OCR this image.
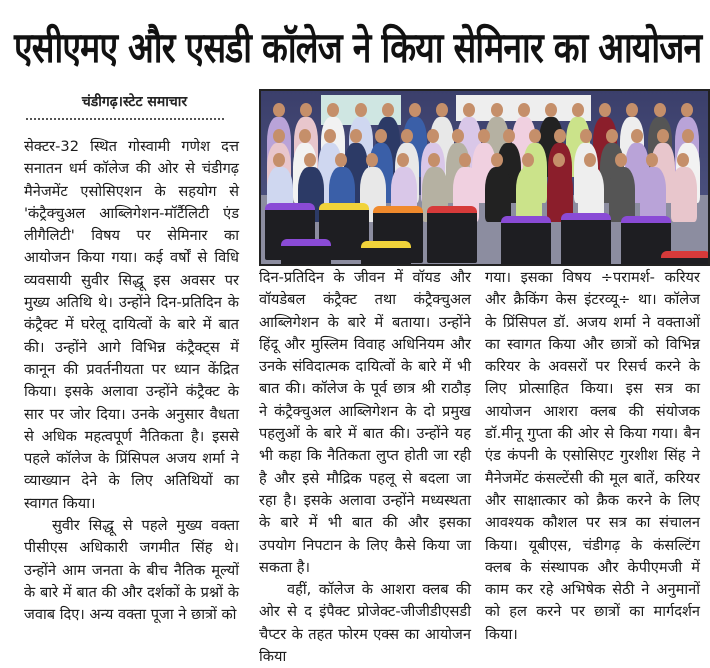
एसीएमए और एसडी कॉलेज ने किया सेमिनार का आयोजन
चंडीगढ़।स्टेट समाचार

सेक्टर-32 स्थित गोस्वामी गणेश दत्त सनातन धर्म कॉलेज की ओर से चंडीगढ़ मैनेजमेंट एसोसिएशन के सहयोग से 'कंट्रैक्चुअल आब्लिगेशन-मॉर्टैलिटी एंड लीगैलिटी' विषय पर सेमिनार का आयोजन किया गया। कई वर्षों से विधि व्यवसायी सुवीर सिद्धू इस अवसर पर मुख्य अतिथि थे। उन्होंने दिन-प्रतिदिन के कंट्रैक्ट में घरेलू दायित्वों के बारे में बात की। उन्होंने आगे विभिन्न कंट्रैक्ट्स में कानून की प्रवर्तनीयता पर ध्यान केंद्रित किया। इसके अलावा उन्होंने कंट्रैक्ट के सार पर जोर दिया। उनके अनुसार वैधता से अधिक महत्वपूर्ण नैतिकता है। इससे पहले कॉलेज के प्रिंसिपल अजय शर्मा ने व्याख्यान देने के लिए अतिथियों का स्वागत किया।

सुवीर सिद्धू से पहले मुख्य वक्ता पीसीएस अधिकारी जगमीत सिंह थे। उन्होंने आम जनता के बीच नैतिक मूल्यों के बारे में बात की और दर्शकों के प्रश्नों के जवाब दिए। अन्य वक्ता पूजा ने छात्रों को

दिन-प्रतिदिन के जीवन में वॉयड और वॉयडेबल कंट्रैक्ट तथा कंट्रैक्चुअल आब्लिगेशन के बारे में बताया। उन्होंने हिंदू और मुस्लिम विवाह अधिनियम और उनके संविदात्मक दायित्वों के बारे में भी बात की। कॉलेज के पूर्व छात्र श्री राठौड़ ने कंट्रैक्चुअल आब्लिगेशन के दो प्रमुख पहलुओं के बारे में बात की। उन्होंने यह भी कहा कि नैतिकता लुप्त होती जा रही है और इसे मौद्रिक पहलू से बदला जा रहा है। इसके अलावा उन्होंने मध्यस्थता के बारे में भी बात की और इसका उपयोग निपटान के लिए कैसे किया जा सकता है।

वहीं, कॉलेज के आशरा क्लब की ओर से द इंपैक्ट प्रोजेक्ट-जीजीडीएसडी चैप्टर के तहत फोरम एक्स का आयोजन किया

गया। इसका विषय ÷परामर्श- करियर और क्रैकिंग केस इंटरव्यू÷ था। कॉलेज के प्रिंसिपल डॉ. अजय शर्मा ने वक्ताओं का स्वागत किया और छात्रों को विभिन्न करियर के अवसरों पर रिसर्च करने के लिए प्रोत्साहित किया। इस सत्र का आयोजन आशरा क्लब की संयोजक डॉ.मीनू गुप्ता की ओर से किया गया। बैन एंड कंपनी के एसोसिएट गुरशीश सिंह ने मैनेजमेंट कंसल्टेंसी की मूल बातें, करियर और साक्षात्कार को क्रैक करने के लिए आवश्यक कौशल पर सत्र का संचालन किया। यूबीएस, चंडीगढ़ के कंसल्टिंग क्लब के संस्थापक और केपीएमजी में काम कर रहे अभिषेक सेठी ने अनुमानों को हल करने पर छात्रों का मार्गदर्शन किया।
